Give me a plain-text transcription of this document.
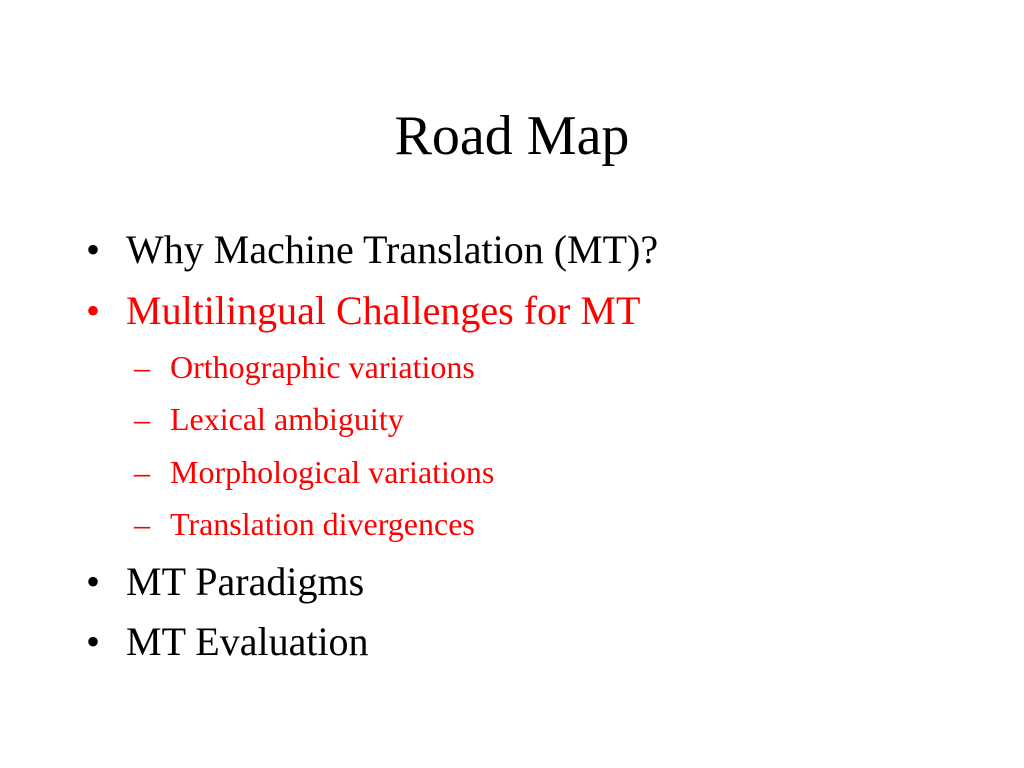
Road Map
• Why Machine Translation (MT)?
• Multilingual Challenges for MT
– Orthographic variations
– Lexical ambiguity
– Morphological variations
– Translation divergences
• MT Paradigms
• MT Evaluation
